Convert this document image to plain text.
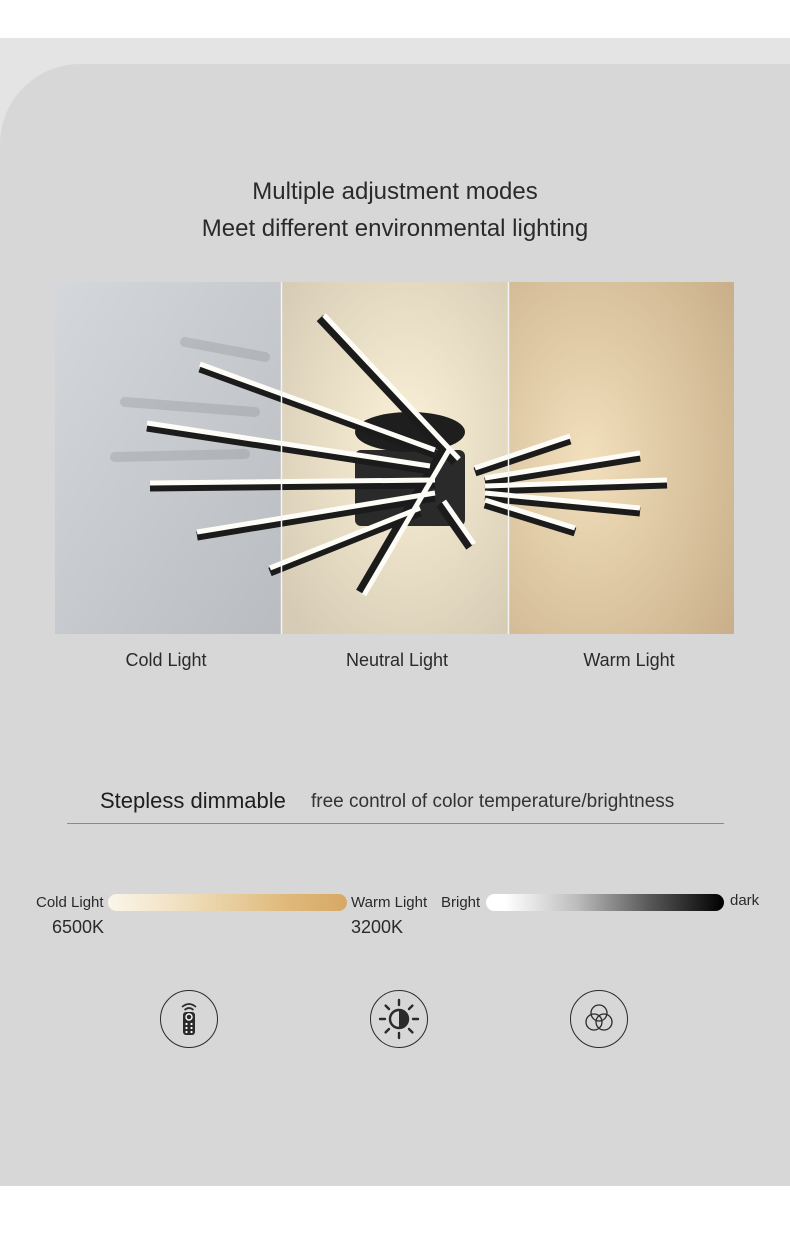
Multiple adjustment modes
Meet different environmental lighting
Cold Light	Neutral Light	Warm Light
Stepless dimmable free control of color temperature/brightness
Cold Light	Warm Light
6500K	3200K
Bright	dark
